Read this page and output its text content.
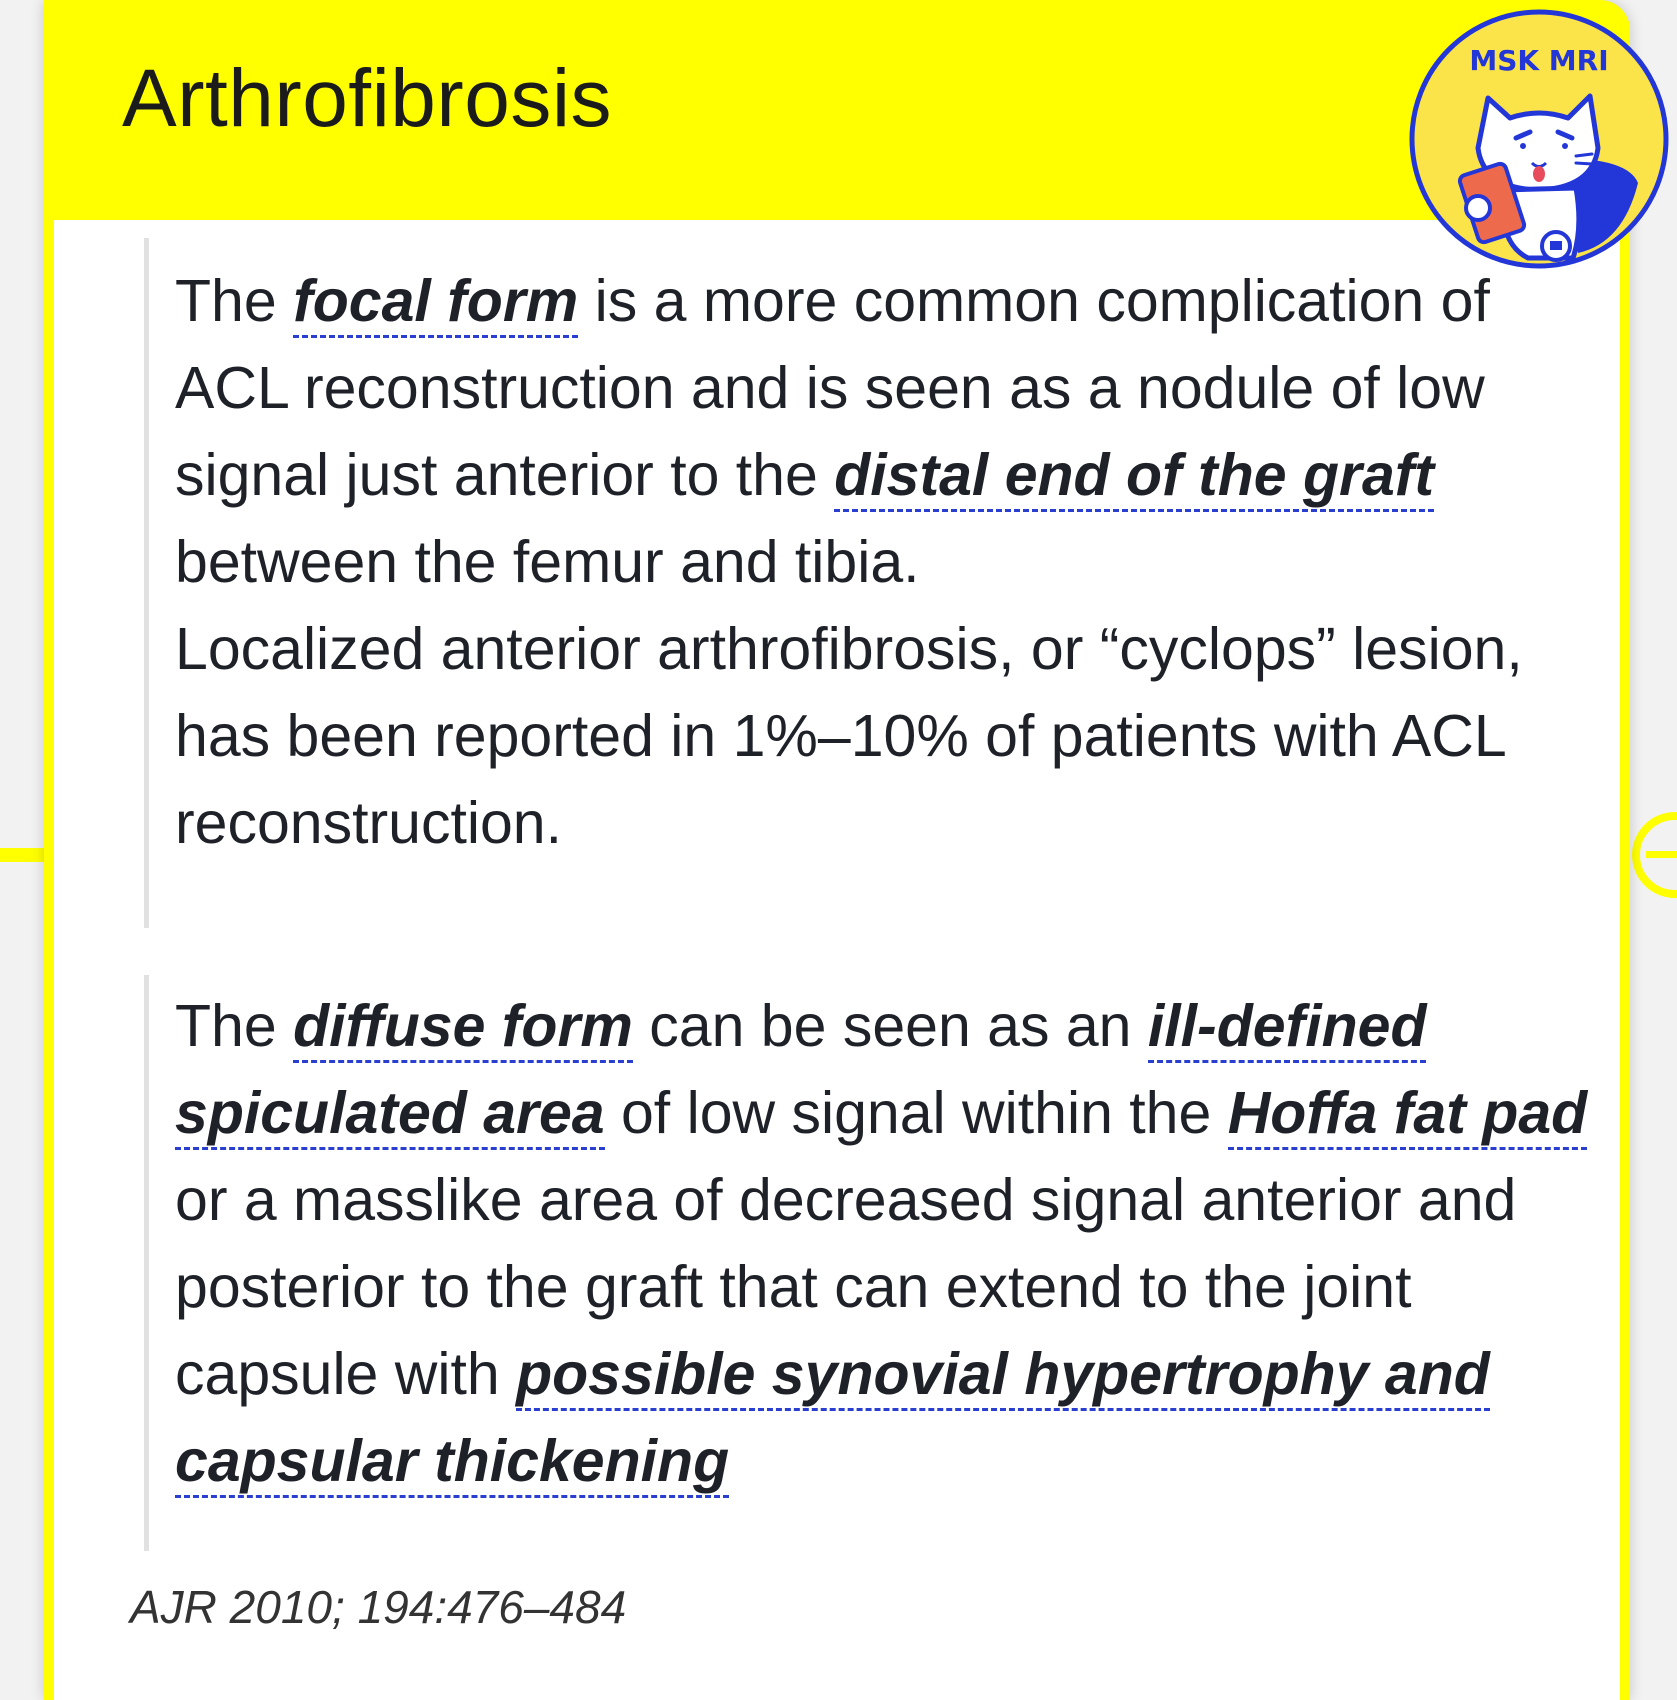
Arthrofibrosis

The focal form is a more common complication of ACL reconstruction and is seen as a nodule of low signal just anterior to the distal end of the graft between the femur and tibia.
Localized anterior arthrofibrosis, or “cyclops” lesion, has been reported in 1%–10% of patients with ACL reconstruction.

The diffuse form can be seen as an ill-defined spiculated area of low signal within the Hoffa fat pad or a masslike area of decreased signal anterior and posterior to the graft that can extend to the joint capsule with possible synovial hypertrophy and capsular thickening

AJR 2010; 194:476–484

MSK MRI
